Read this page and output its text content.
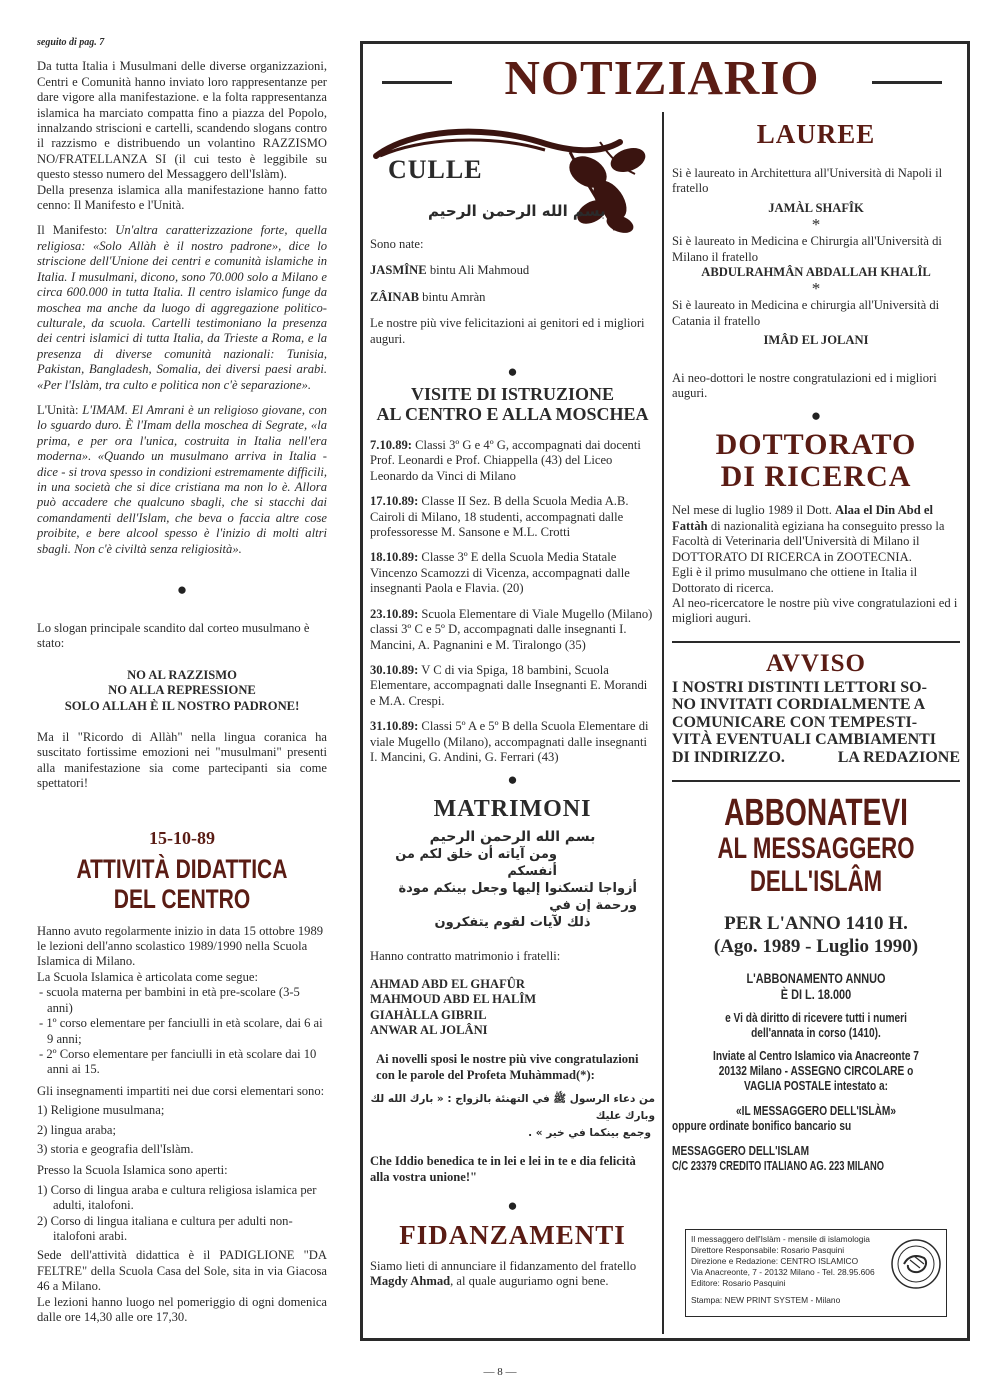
seguito di pag. 7

Da tutta Italia i Musulmani delle diverse organizzazioni, Centri e Comunità hanno inviato loro rappresentanze per dare vigore alla manifestazione. e la folta rappresentanza islamica ha marciato compatta fino a piazza del Popolo, innalzando striscioni e cartelli, scandendo slogans contro il razzismo e distribuendo un volantino RAZZISMO NO/FRATELLANZA SI (il cui testo è leggibile su questo stesso numero del Messaggero dell'Islàm).

Della presenza islamica alla manifestazione hanno fatto cenno: Il Manifesto e l'Unità.

Il Manifesto: Un'altra caratterizzazione forte, quella religiosa: «Solo Allàh è il nostro padrone», dice lo striscione dell'Unione dei centri e comunità islamiche in Italia. I musulmani, dicono, sono 70.000 solo a Milano e circa 600.000 in tutta Italia. Il centro islamico funge da moschea ma anche da luogo di aggregazione politico-culturale, da scuola. Cartelli testimoniano la presenza dei centri islamici di tutta Italia, da Trieste a Roma, e la presenza di diverse comunità nazionali: Tunisia, Pakistan, Bangladesh, Somalia, dei diversi paesi arabi. «Per l'Islàm, tra culto e politica non c'è separazione».

L'Unità: L'IMAM. El Amrani è un religioso giovane, con lo sguardo duro. È l'Imam della moschea di Segrate, «la prima, e per ora l'unica, costruita in Italia nell'era moderna». «Quando un musulmano arriva in Italia - dice - si trova spesso in condizioni estremamente difficili, in una società che si dice cristiana ma non lo è. Allora può accadere che qualcuno sbagli, che si stacchi dai comandamenti dell'Islam, che beva o faccia altre cose proibite, e bere alcool spesso è l'inizio di molti altri sbagli. Non c'è civiltà senza religiosità».

●

Lo slogan principale scandito dal corteo musulmano è stato:

NO AL RAZZISMO

NO ALLA REPRESSIONE

SOLO ALLAH È IL NOSTRO PADRONE!

Ma il "Ricordo di Allàh" nella lingua coranica ha suscitato fortissime emozioni nei "musulmani" presenti alla manifestazione sia come partecipanti sia come spettatori!

15-10-89

ATTIVITÀ DIDATTICA
DEL CENTRO

Hanno avuto regolarmente inizio in data 15 ottobre 1989 le lezioni dell'anno scolastico 1989/1990 nella Scuola Islamica di Milano.

La Scuola Islamica è articolata come segue:

- scuola materna per bambini in età pre-scolare (3-5 anni)

- 1º corso elementare per fanciulli in età scolare, dai 6 ai 9 anni;

- 2º Corso elementare per fanciulli in età scolare dai 10 anni ai 15.

Gli insegnamenti impartiti nei due corsi elementari sono:

1) Religione musulmana;

2) lingua araba;

3) storia e geografia dell'Islàm.

Presso la Scuola Islamica sono aperti:

1) Corso di lingua araba e cultura religiosa islamica per adulti, italofoni.

2) Corso di lingua italiana e cultura per adulti non-italofoni arabi.

Sede dell'attività didattica è il PADIGLIONE "DA FELTRE" della Scuola Casa del Sole, sita in via Giacosa 46 a Milano.

Le lezioni hanno luogo nel pomeriggio di ogni domenica dalle ore 14,30 alle ore 17,30.

NOTIZIARIO
CULLE
بسم الله الرحمن الرحيم

Sono nate:

JASMÎNE bintu Ali Mahmoud

ZÂINAB bintu Amràn

Le nostre più vive felicitazioni ai genitori ed i migliori auguri.

●

VISITE DI ISTRUZIONE

AL CENTRO E ALLA MOSCHEA

7.10.89: Classi 3º G e 4º G, accompagnati dai docenti Prof. Leonardi e Prof. Chiappella (43) del Liceo Leonardo da Vinci di Milano

17.10.89: Classe II Sez. B della Scuola Media A.B. Cairoli di Milano, 18 studenti, accompagnati dalle professoresse M. Sansone e M.L. Crotti

18.10.89: Classe 3º E della Scuola Media Statale Vincenzo Scamozzi di Vicenza, accompagnati dalle insegnanti Paola e Flavia. (20)

23.10.89: Scuola Elementare di Viale Mugello (Milano) classi 3º C e 5º D, accompagnati dalle insegnanti I. Mancini, A. Pagnanini e M. Tiralongo (35)

30.10.89: V C di via Spiga, 18 bambini, Scuola Elementare, accompagnati dalle Insegnanti E. Morandi e M.A. Crespi.

31.10.89: Classi 5º A e 5º B della Scuola Elementare di viale Mugello (Milano), accompagnati dalle insegnanti I. Mancini, G. Andini, G. Ferrari (43)

●

MATRIMONI

بسم الله الرحمن الرحيم

ومن آياته أن خلق لكم من أنفسكم

أزواجا لتسكنوا إليها وجعل بينكم مودة ورحمة إن في

ذلك لآيات لقوم يتفكرون

Hanno contratto matrimonio i fratelli:

AHMAD ABD EL GHAFÛR

MAHMOUD ABD EL HALÎM

GIAHÀLLA GIBRIL

ANWAR AL JOLÂNI

Ai novelli sposi le nostre più vive congratulazioni con le parole del Profeta Muhàmmad(*):

من دعاء الرسول ﷺ في التهنئة بالزواج : « بارك الله لك وبارك عليك

وجمع بينكما في خير » .

Che Iddio benedica te in lei e lei in te e dia felicità alla vostra unione!"

●

FIDANZAMENTI

Siamo lieti di annunciare il fidanzamento del fratello Magdy Ahmad, al quale auguriamo ogni bene.

LAUREE

Si è laureato in Architettura all'Università di Napoli il fratello

JAMÀL SHAFÎK

*

Si è laureato in Medicina e Chirurgia all'Università di Milano il fratello

ABDULRAHMÂN ABDALLAH KHALÎL

*

Si è laureato in Medicina e chirurgia all'Università di Catania il fratello

IMÂD EL JOLANI

Ai neo-dottori le nostre congratulazioni ed i migliori auguri.

●

DOTTORATO

DI RICERCA

Nel mese di luglio 1989 il Dott. Alaa el Din Abd el Fattàh di nazionalità egiziana ha conseguito presso la Facoltà di Veterinaria dell'Università di Milano il DOTTORATO DI RICERCA in ZOOTECNIA.

Egli è il primo musulmano che ottiene in Italia il Dottorato di ricerca.

Al neo-ricercatore le nostre più vive congratulazioni ed i migliori auguri.

AVVISO

I NOSTRI DISTINTI LETTORI SO-

NO INVITATI CORDIALMENTE A

COMUNICARE CON TEMPESTI-

VITÀ EVENTUALI CAMBIAMENTI

DI INDIRIZZO.	LA REDAZIONE

ABBONATEVI
AL MESSAGGERO
DELL'ISLÂM

PER L'ANNO 1410 H.

(Ago. 1989 - Luglio 1990)

L'ABBONAMENTO ANNUO

È DI L. 18.000

e Vi dà diritto di ricevere tutti i numeri

dell'annata in corso (1410).

Inviate al Centro Islamico via Anacreonte 7

20132 Milano - ASSEGNO CIRCOLARE o

VAGLIA POSTALE intestato a:

«IL MESSAGGERO DELL'ISLÀM»

oppure ordinate bonifico bancario su

MESSAGGERO DELL'ISLAM

C/C 23379 CREDITO ITALIANO AG. 223 MILANO

Il messaggero dell'Islàm - mensile di islamologia

Direttore Responsabile: Rosario Pasquini

Direzione e Redazione: CENTRO ISLAMICO

Via Anacreonte, 7 - 20132 Milano - Tel. 28.95.606

Editore: Rosario Pasquini

Stampa: NEW PRINT SYSTEM - Milano

— 8 —
